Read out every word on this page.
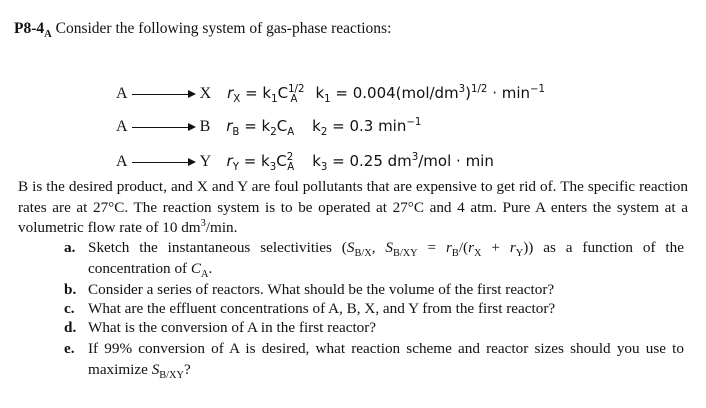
$P8-4_A$ Consider the following system of gas-phase reactions:
A	X $r_X = k_1C^{1/2}_A$ $k_1 = 0.004(mol/dm^3)^{1/2} \cdot \min^{-1}$
A	B $r_B = k_2C_A$ $k_2 = 0.3$ $\min^{-1}$
A	Y $r_Y = k_3C^2_A$ $k_3 = 0.25$ $dm^3$/mol · min
B is the desired product, and X and Y are foul pollutants that are expensive to get rid of. The specific reaction rates are at 27°C. The reaction system is to be operated at 27°C and 4 atm. Pure A enters the system at a volumetric flow rate of 10 $dm^3/\min$.
a. Sketch the instantaneous selectivities ($S_{B/X}$, $S_{B/XY} = r_B/(r_X + r_Y)$) as a function of the concentration of $C_A$.
b. Consider a series of reactors. What should be the volume of the first reactor?
c. What are the effluent concentrations of A, B, X, and Y from the first reactor?
d. What is the conversion of A in the first reactor?
e. If 99% conversion of A is desired, what reaction scheme and reactor sizes should you use to maximize $S_{B/XY}$?
